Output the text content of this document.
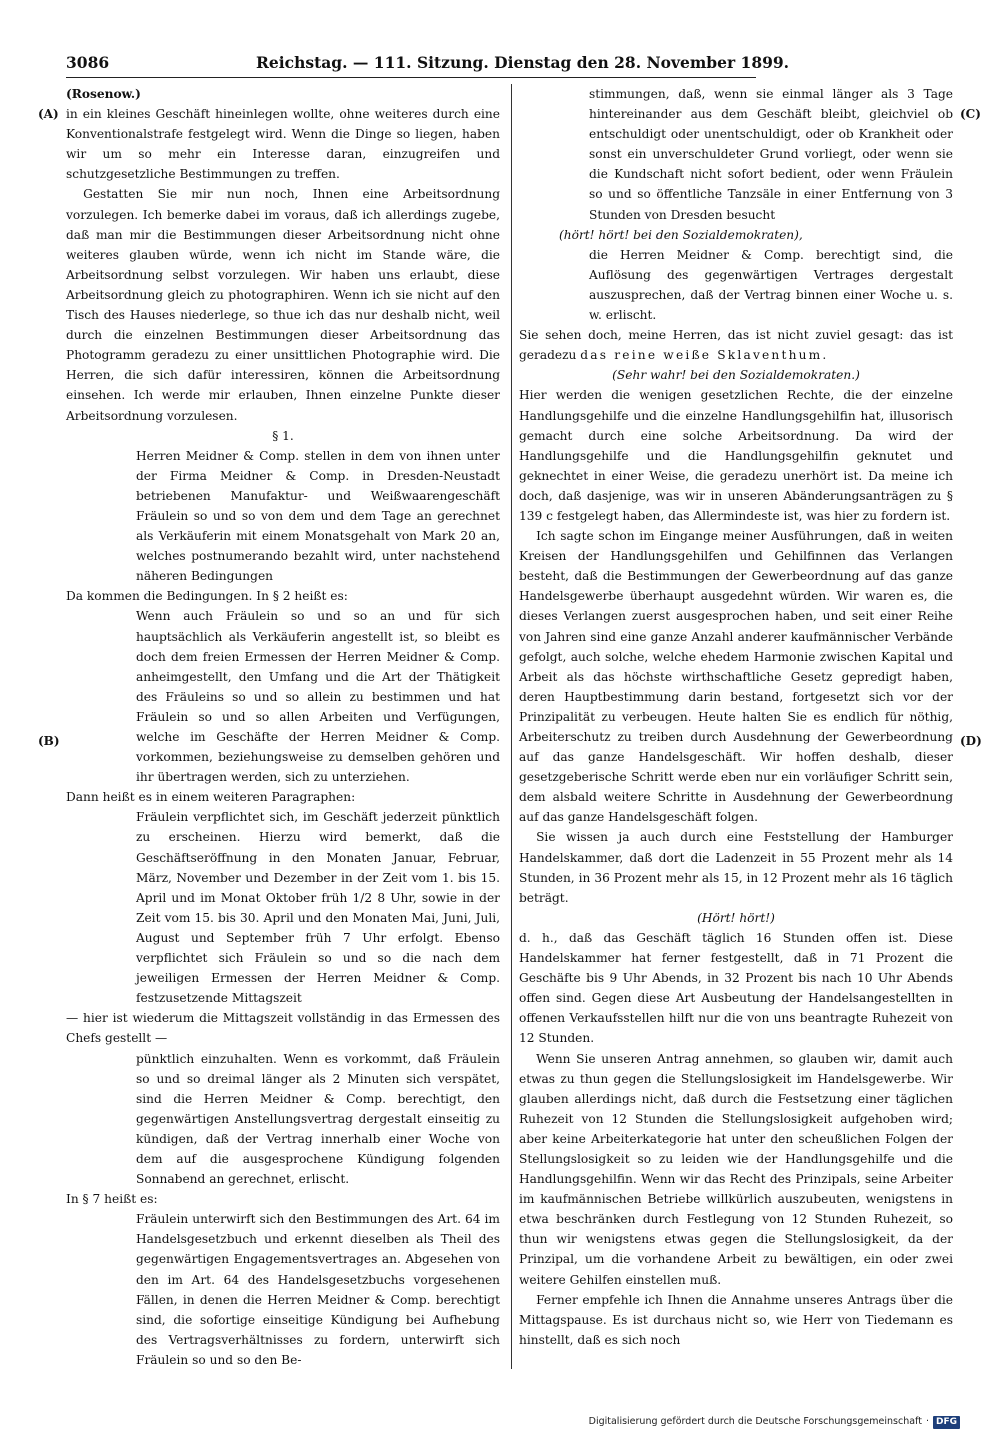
3086	Reichstag. — 111. Sitzung. Dienstag den 28. November 1899.
(A)
(B)
(C)
(D)

(Rosenow.)

in ein kleines Geschäft hineinlegen wollte, ohne weiteres durch eine Konventionalstrafe festgelegt wird. Wenn die Dinge so liegen, haben wir um so mehr ein Interesse daran, einzugreifen und schutzgesetzliche Bestimmungen zu treffen.

Gestatten Sie mir nun noch, Ihnen eine Arbeitsordnung vorzulegen. Ich bemerke dabei im voraus, daß ich allerdings zugebe, daß man mir die Bestimmungen dieser Arbeitsordnung nicht ohne weiteres glauben würde, wenn ich nicht im Stande wäre, die Arbeitsordnung selbst vorzulegen. Wir haben uns erlaubt, diese Arbeitsordnung gleich zu photographiren. Wenn ich sie nicht auf den Tisch des Hauses niederlege, so thue ich das nur deshalb nicht, weil durch die einzelnen Bestimmungen dieser Arbeitsordnung das Photogramm geradezu zu einer unsittlichen Photographie wird. Die Herren, die sich dafür interessiren, können die Arbeitsordnung einsehen. Ich werde mir erlauben, Ihnen einzelne Punkte dieser Arbeitsordnung vorzulesen.

§ 1.

Herren Meidner & Comp. stellen in dem von ihnen unter der Firma Meidner & Comp. in Dresden-Neustadt betriebenen Manufaktur- und Weißwaarengeschäft Fräulein so und so von dem und dem Tage an gerechnet als Verkäuferin mit einem Monatsgehalt von Mark 20 an, welches postnumerando bezahlt wird, unter nachstehend näheren Bedingungen

Da kommen die Bedingungen. In § 2 heißt es:

Wenn auch Fräulein so und so an und für sich hauptsächlich als Verkäuferin angestellt ist, so bleibt es doch dem freien Ermessen der Herren Meidner & Comp. anheimgestellt, den Umfang und die Art der Thätigkeit des Fräuleins so und so allein zu bestimmen und hat Fräulein so und so allen Arbeiten und Verfügungen, welche im Geschäfte der Herren Meidner & Comp. vorkommen, beziehungsweise zu demselben gehören und ihr übertragen werden, sich zu unterziehen.

Dann heißt es in einem weiteren Paragraphen:

Fräulein verpflichtet sich, im Geschäft jederzeit pünktlich zu erscheinen. Hierzu wird bemerkt, daß die Geschäftseröffnung in den Monaten Januar, Februar, März, November und Dezember in der Zeit vom 1. bis 15. April und im Monat Oktober früh 1/2 8 Uhr, sowie in der Zeit vom 15. bis 30. April und den Monaten Mai, Juni, Juli, August und September früh 7 Uhr erfolgt. Ebenso verpflichtet sich Fräulein so und so die nach dem jeweiligen Ermessen der Herren Meidner & Comp. festzusetzende Mittagszeit

— hier ist wiederum die Mittagszeit vollständig in das Ermessen des Chefs gestellt —

pünktlich einzuhalten. Wenn es vorkommt, daß Fräulein so und so dreimal länger als 2 Minuten sich verspätet, sind die Herren Meidner & Comp. berechtigt, den gegenwärtigen Anstellungsvertrag dergestalt einseitig zu kündigen, daß der Vertrag innerhalb einer Woche von dem auf die ausgesprochene Kündigung folgenden Sonnabend an gerechnet, erlischt.

In § 7 heißt es:

Fräulein unterwirft sich den Bestimmungen des Art. 64 im Handelsgesetzbuch und erkennt dieselben als Theil des gegenwärtigen Engagementsvertrages an. Abgesehen von den im Art. 64 des Handelsgesetzbuchs vorgesehenen Fällen, in denen die Herren Meidner & Comp. berechtigt sind, die sofortige einseitige Kündigung bei Aufhebung des Vertragsverhältnisses zu fordern, unterwirft sich Fräulein so und so den Be-

stimmungen, daß, wenn sie einmal länger als 3 Tage hintereinander aus dem Geschäft bleibt, gleichviel ob entschuldigt oder unentschuldigt, oder ob Krankheit oder sonst ein unverschuldeter Grund vorliegt, oder wenn sie die Kundschaft nicht sofort bedient, oder wenn Fräulein so und so öffentliche Tanzsäle in einer Entfernung von 3 Stunden von Dresden besucht

(hört! hört! bei den Sozialdemokraten),

die Herren Meidner & Comp. berechtigt sind, die Auflösung des gegenwärtigen Vertrages dergestalt auszusprechen, daß der Vertrag binnen einer Woche u. s. w. erlischt.

Sie sehen doch, meine Herren, das ist nicht zuviel gesagt: das ist geradezu das reine weiße Sklaventhum.

(Sehr wahr! bei den Sozialdemokraten.)

Hier werden die wenigen gesetzlichen Rechte, die der einzelne Handlungsgehilfe und die einzelne Handlungsgehilfin hat, illusorisch gemacht durch eine solche Arbeitsordnung. Da wird der Handlungsgehilfe und die Handlungsgehilfin geknutet und geknechtet in einer Weise, die geradezu unerhört ist. Da meine ich doch, daß dasjenige, was wir in unseren Abänderungsanträgen zu § 139 c festgelegt haben, das Allermindeste ist, was hier zu fordern ist.

Ich sagte schon im Eingange meiner Ausführungen, daß in weiten Kreisen der Handlungsgehilfen und Gehilfinnen das Verlangen besteht, daß die Bestimmungen der Gewerbeordnung auf das ganze Handelsgewerbe überhaupt ausgedehnt würden. Wir waren es, die dieses Verlangen zuerst ausgesprochen haben, und seit einer Reihe von Jahren sind eine ganze Anzahl anderer kaufmännischer Verbände gefolgt, auch solche, welche ehedem Harmonie zwischen Kapital und Arbeit als das höchste wirthschaftliche Gesetz gepredigt haben, deren Hauptbestimmung darin bestand, fortgesetzt sich vor der Prinzipalität zu verbeugen. Heute halten Sie es endlich für nöthig, Arbeiterschutz zu treiben durch Ausdehnung der Gewerbeordnung auf das ganze Handelsgeschäft. Wir hoffen deshalb, dieser gesetzgeberische Schritt werde eben nur ein vorläufiger Schritt sein, dem alsbald weitere Schritte in Ausdehnung der Gewerbeordnung auf das ganze Handelsgeschäft folgen.

Sie wissen ja auch durch eine Feststellung der Hamburger Handelskammer, daß dort die Ladenzeit in 55 Prozent mehr als 14 Stunden, in 36 Prozent mehr als 15, in 12 Prozent mehr als 16 täglich beträgt.

(Hört! hört!)

d. h., daß das Geschäft täglich 16 Stunden offen ist. Diese Handelskammer hat ferner festgestellt, daß in 71 Prozent die Geschäfte bis 9 Uhr Abends, in 32 Prozent bis nach 10 Uhr Abends offen sind. Gegen diese Art Ausbeutung der Handelsangestellten in offenen Verkaufsstellen hilft nur die von uns beantragte Ruhezeit von 12 Stunden.

Wenn Sie unseren Antrag annehmen, so glauben wir, damit auch etwas zu thun gegen die Stellungslosigkeit im Handelsgewerbe. Wir glauben allerdings nicht, daß durch die Festsetzung einer täglichen Ruhezeit von 12 Stunden die Stellungslosigkeit aufgehoben wird; aber keine Arbeiterkategorie hat unter den scheußlichen Folgen der Stellungslosigkeit so zu leiden wie der Handlungsgehilfe und die Handlungsgehilfin. Wenn wir das Recht des Prinzipals, seine Arbeiter im kaufmännischen Betriebe willkürlich auszubeuten, wenigstens in etwa beschränken durch Festlegung von 12 Stunden Ruhezeit, so thun wir wenigstens etwas gegen die Stellungslosigkeit, da der Prinzipal, um die vorhandene Arbeit zu bewältigen, ein oder zwei weitere Gehilfen einstellen muß.

Ferner empfehle ich Ihnen die Annahme unseres Antrags über die Mittagspause. Es ist durchaus nicht so, wie Herr von Tiedemann es hinstellt, daß es sich noch

Digitalisierung gefördert durch die Deutsche Forschungsgemeinschaft · DFG
